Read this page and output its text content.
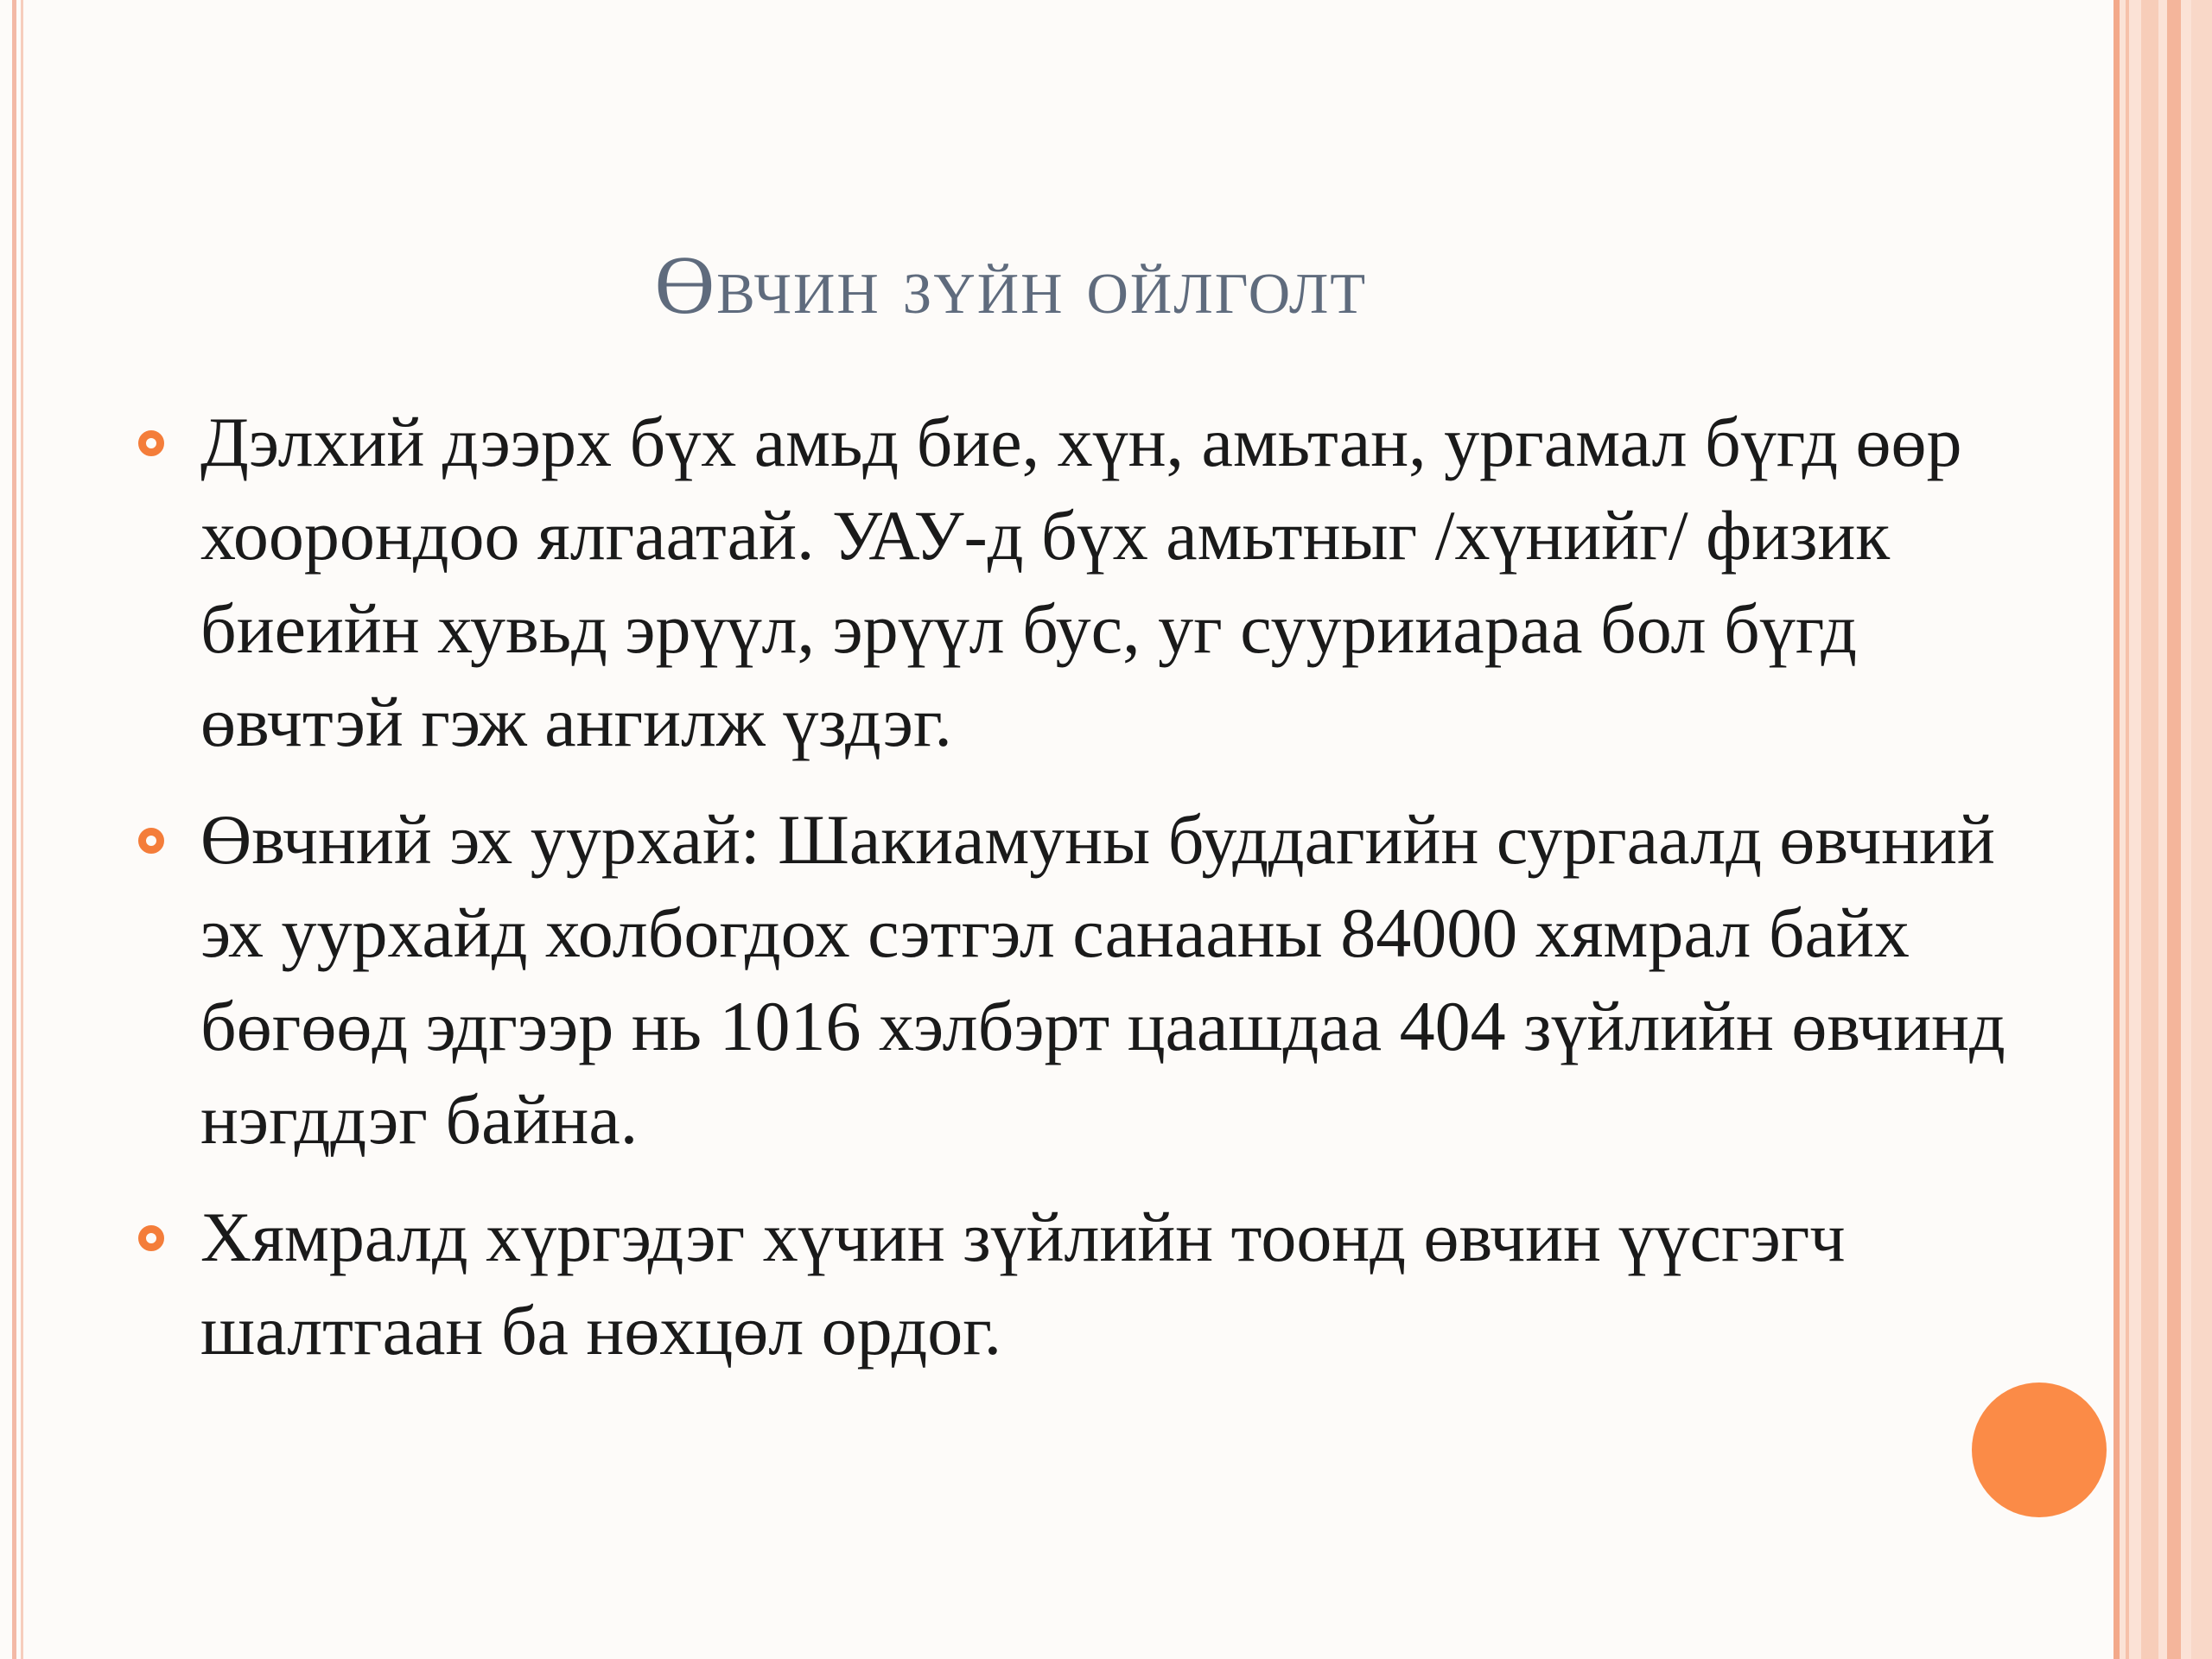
Өвчин зүйн ойлголт
Дэлхий дээрх бүх амьд бие, хүн, амьтан, ургамал бүгд өөр хоорондоо ялгаатай. УАУ-д бүх амьтныг /хүнийг/ физик биеийн хувьд эрүүл, эрүүл бус, уг суурииараа бол бүгд өвчтэй гэж ангилж үздэг.
Өвчний эх уурхай: Шакиамуны буддагийн сургаалд өвчний эх уурхайд холбогдох сэтгэл санааны 84000 хямрал байх бөгөөд эдгээр нь 1016 хэлбэрт цаашдаа 404 зүйлийн өвчинд нэгддэг байна.
Хямралд хүргэдэг хүчин зүйлийн тоонд өвчин үүсгэгч шалтгаан ба нөхцөл ордог.
